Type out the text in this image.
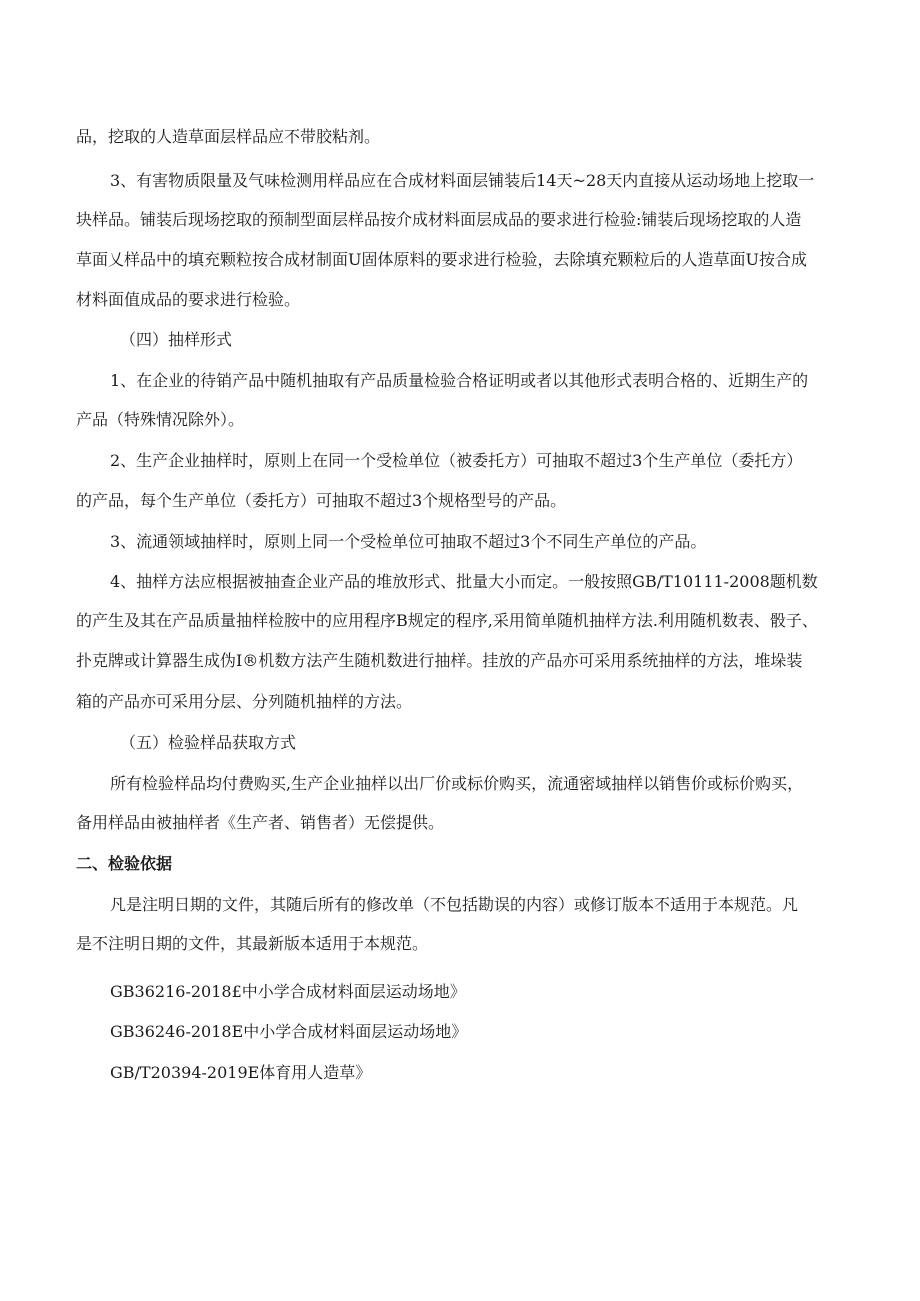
品，挖取的人造草面层样品应不带胶粘剂。
3、有害物质限量及气味检测用样品应在合成材料面层铺装后14天~28天内直接从运动场地上挖取一
块样品。铺装后现场挖取的预制型面层样品按介成材料面层成品的要求进行检验:铺装后现场挖取的人造
草面乂样品中的填充颗粒按合成材制面U固体原料的要求进行检验，去除填充颗粒后的人造草面U按合成
材料面值成品的要求进行检验。
（四）抽样形式
1、在企业的待销产品中随机抽取有产品质量检验合格证明或者以其他形式表明合格的、近期生产的
产品（特殊情况除外）。
2、生产企业抽样时，原则上在同一个受检单位（被委托方）可抽取不超过3个生产单位（委托方）
的产品，每个生产单位（委托方）可抽取不超过3个规格型号的产品。
3、流通领域抽样时，原则上同一个受检单位可抽取不超过3个不同生产单位的产品。
4、抽样方法应根据被抽查企业产品的堆放形式、批量大小而定。一般按照GB/T10111-2008题机数
的产生及其在产品质量抽样检胺中的应用程序B规定的程序,采用简单随机抽样方法.利用随机数表、骰子、
扑克牌或计算器生成伪I®机数方法产生随机数进行抽样。挂放的产品亦可采用系统抽样的方法，堆垛装
箱的产品亦可采用分层、分列随机抽样的方法。
（五）检验样品获取方式
所有检验样品均付费购买,生产企业抽样以出厂价或标价购买，流通密域抽样以销售价或标价购买，
备用样品由被抽样者《生产者、销售者）无偿提供。
二、检验依据
凡是注明日期的文件，其随后所有的修改单（不包括勘误的内容）或修订版本不适用于本规范。凡
是不注明日期的文件，其最新版本适用于本规范。
GB36216-2018£中小学合成材料面层运动场地》
GB36246-2018E中小学合成材料面层运动场地》
GB/T20394-2019E体育用人造草》
